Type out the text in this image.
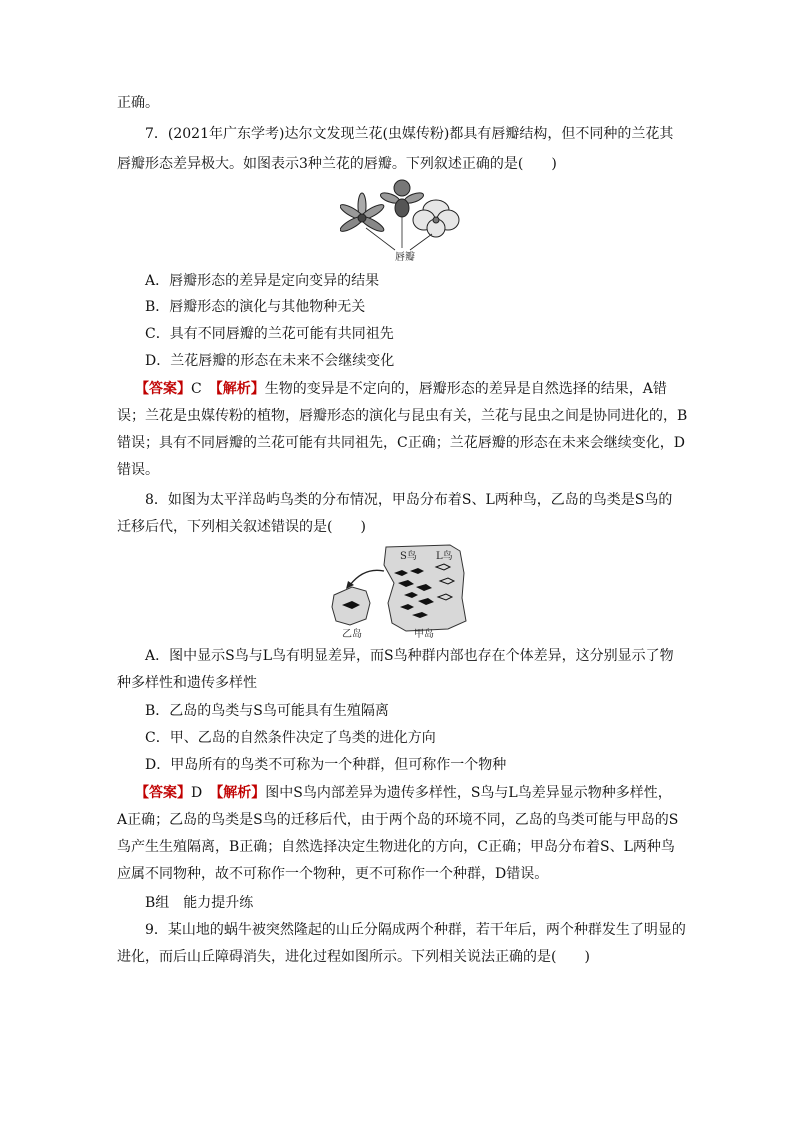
正确。
7．(2021年广东学考)达尔文发现兰花(虫媒传粉)都具有唇瓣结构，但不同种的兰花其
唇瓣形态差异极大。如图表示3种兰花的唇瓣。下列叙述正确的是(　　)
唇瓣
A．唇瓣形态的差异是定向变异的结果
B．唇瓣形态的演化与其他物种无关
C．具有不同唇瓣的兰花可能有共同祖先
D．兰花唇瓣的形态在未来不会继续变化
【答案】C　【解析】生物的变异是不定向的，唇瓣形态的差异是自然选择的结果，A错
误；兰花是虫媒传粉的植物，唇瓣形态的演化与昆虫有关，兰花与昆虫之间是协同进化的，B
错误；具有不同唇瓣的兰花可能有共同祖先，C正确；兰花唇瓣的形态在未来会继续变化，D
错误。
8．如图为太平洋岛屿鸟类的分布情况，甲岛分布着S、L两种鸟，乙岛的鸟类是S鸟的
迁移后代，下列相关叙述错误的是(　　)
S鸟 L鸟
乙岛	甲岛
A．图中显示S鸟与L鸟有明显差异，而S鸟种群内部也存在个体差异，这分别显示了物
种多样性和遗传多样性
B．乙岛的鸟类与S鸟可能具有生殖隔离
C．甲、乙岛的自然条件决定了鸟类的进化方向
D．甲岛所有的鸟类不可称为一个种群，但可称作一个物种
【答案】D　【解析】图中S鸟内部差异为遗传多样性，S鸟与L鸟差异显示物种多样性，
A正确；乙岛的鸟类是S鸟的迁移后代，由于两个岛的环境不同，乙岛的鸟类可能与甲岛的S
鸟产生生殖隔离，B正确；自然选择决定生物进化的方向，C正确；甲岛分布着S、L两种鸟
应属不同物种，故不可称作一个物种，更不可称作一个种群，D错误。
B组　能力提升练
9．某山地的蜗牛被突然隆起的山丘分隔成两个种群，若干年后，两个种群发生了明显的
进化，而后山丘障碍消失，进化过程如图所示。下列相关说法正确的是(　　)
